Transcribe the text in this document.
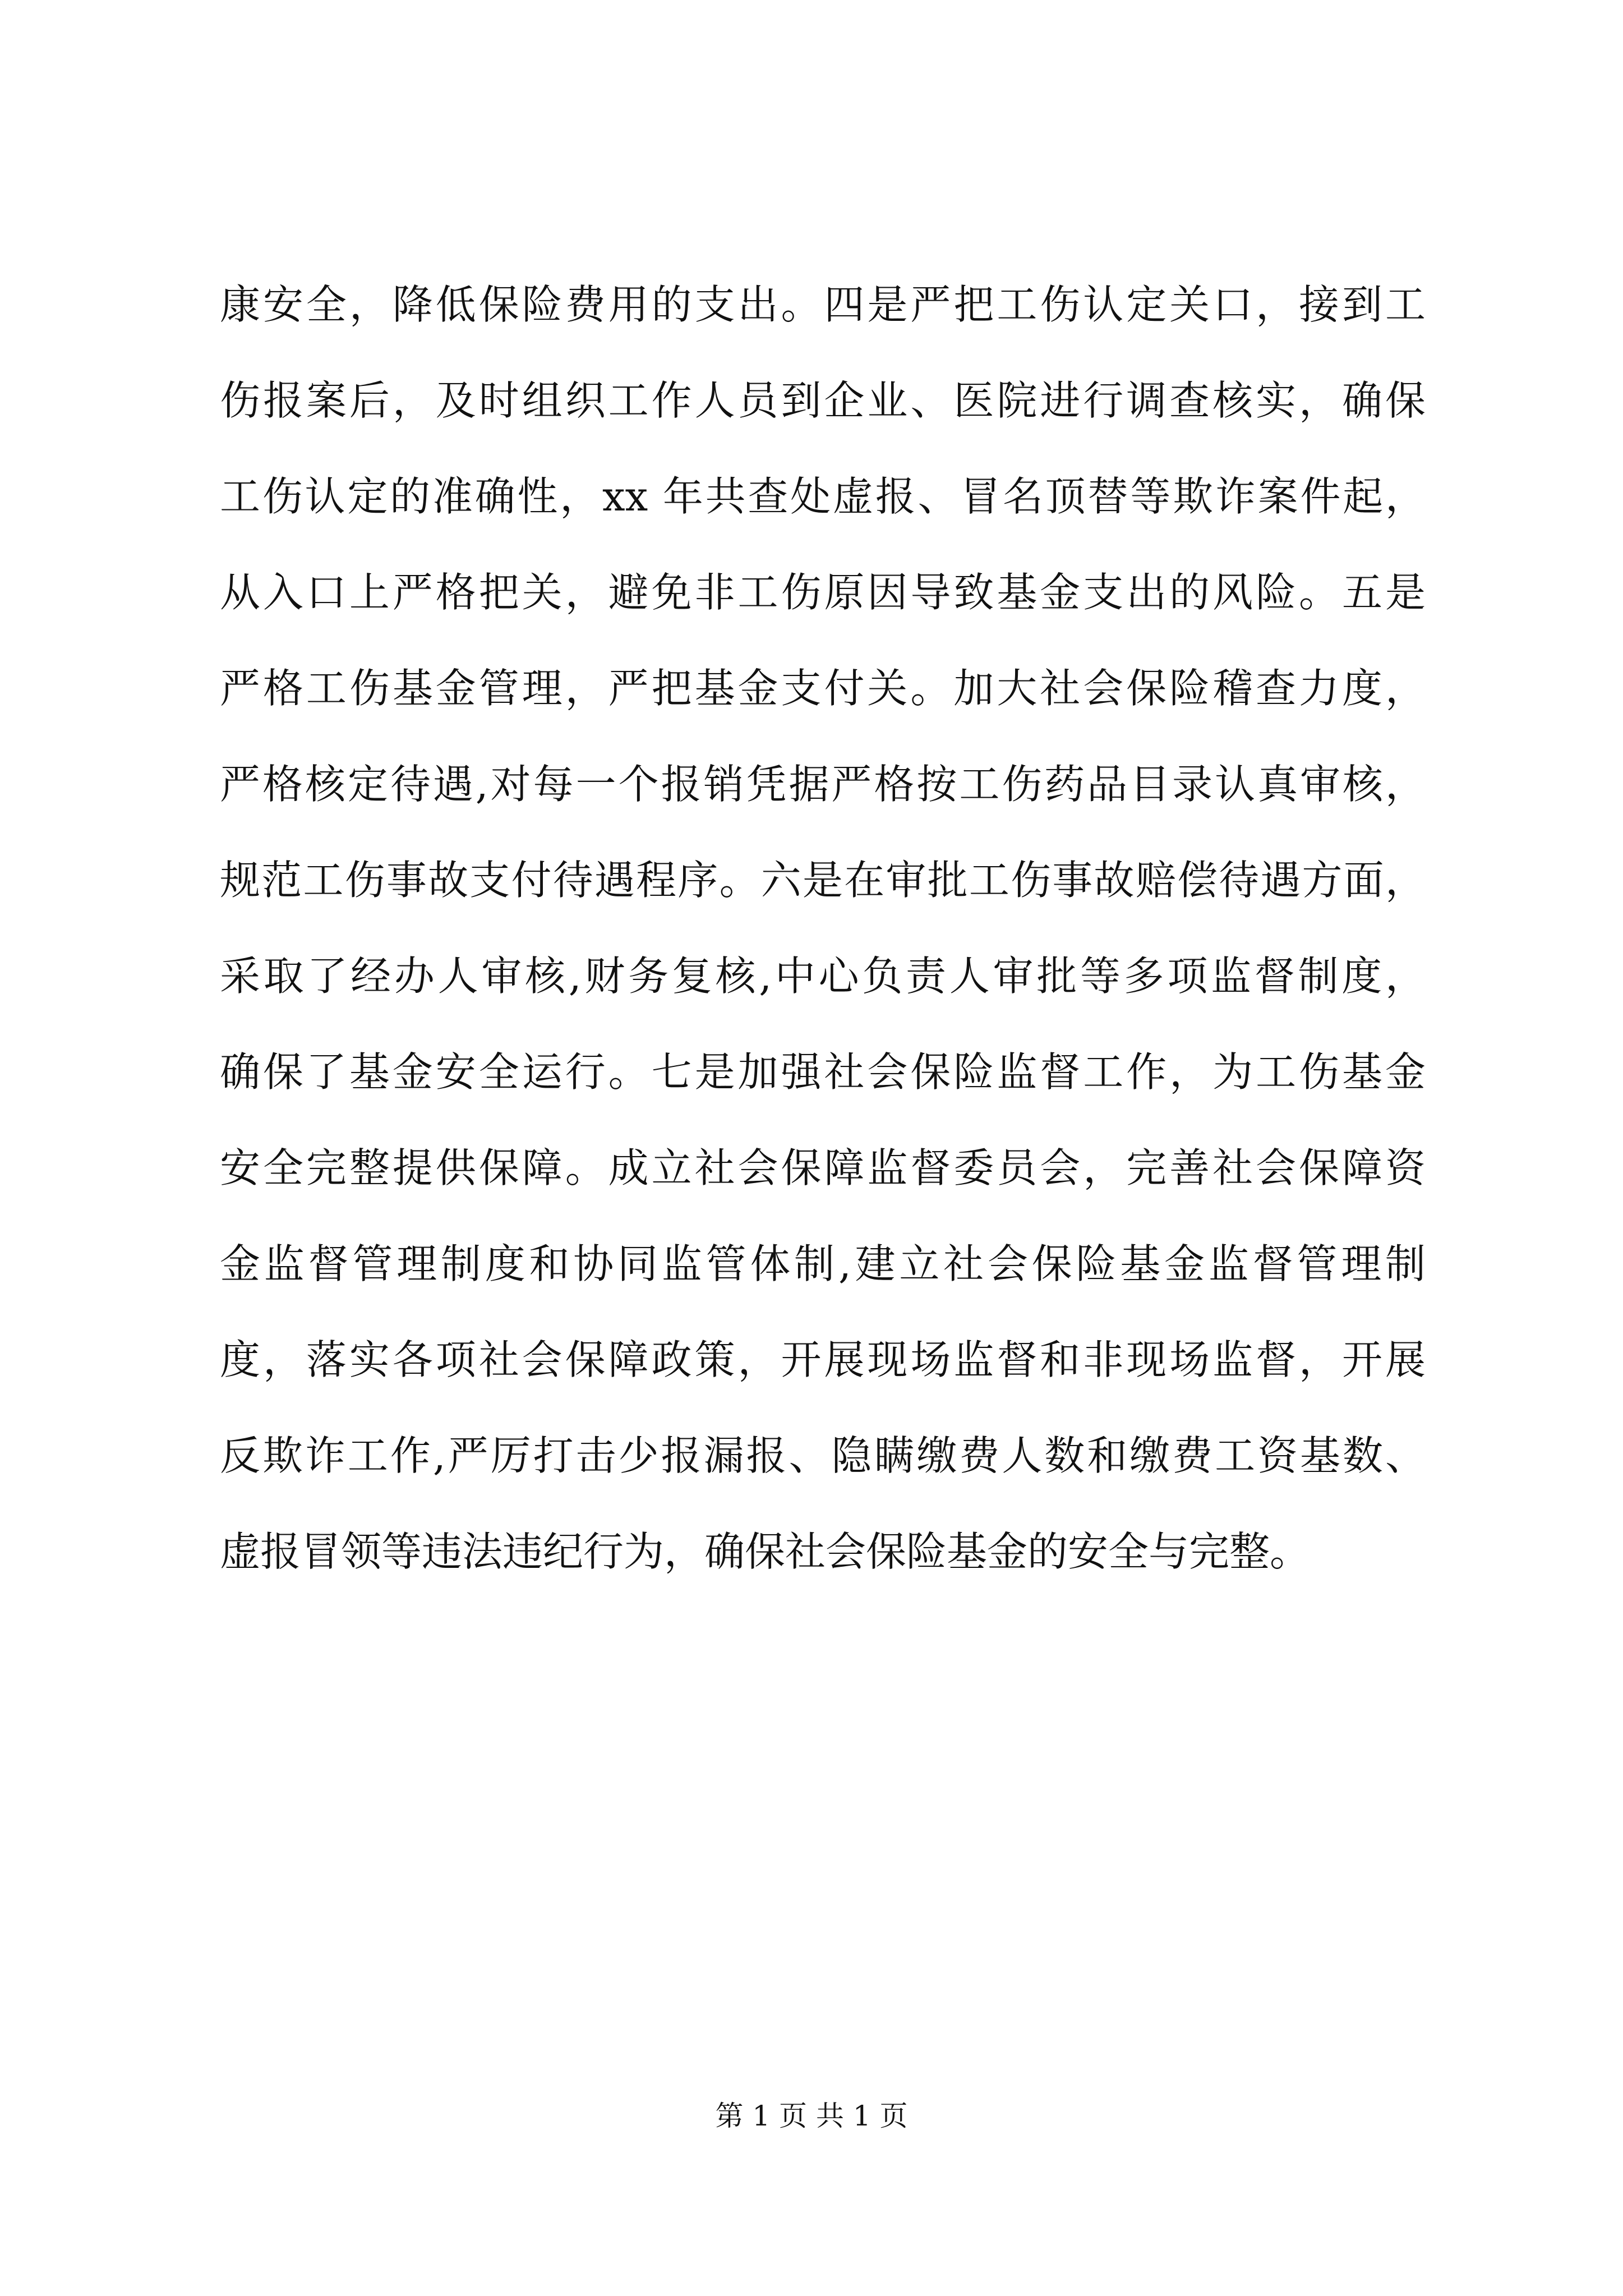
康安全，降低保险费用的支出。四是严把工伤认定关口，接到工
伤报案后，及时组织工作人员到企业、医院进行调查核实，确保
工伤认定的准确性，xx 年共查处虚报、冒名顶替等欺诈案件起，
从入口上严格把关，避免非工伤原因导致基金支出的风险。五是
严格工伤基金管理，严把基金支付关。加大社会保险稽查力度，
严格核定待遇,对每一个报销凭据严格按工伤药品目录认真审核，
规范工伤事故支付待遇程序。六是在审批工伤事故赔偿待遇方面，
采取了经办人审核,财务复核,中心负责人审批等多项监督制度，
确保了基金安全运行。七是加强社会保险监督工作，为工伤基金
安全完整提供保障。成立社会保障监督委员会，完善社会保障资
金监督管理制度和协同监管体制,建立社会保险基金监督管理制
度，落实各项社会保障政策，开展现场监督和非现场监督，开展
反欺诈工作,严厉打击少报漏报、隐瞒缴费人数和缴费工资基数、
虚报冒领等违法违纪行为，确保社会保险基金的安全与完整。
第 1 页 共 1 页
